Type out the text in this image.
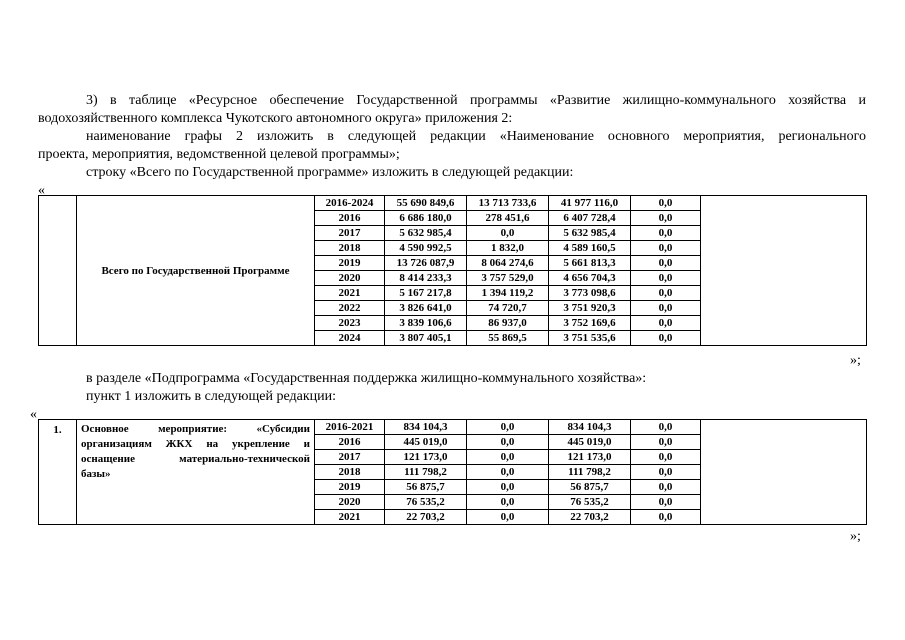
3) в таблице «Ресурсное обеспечение Государственной программы «Развитие жилищно-коммунального хозяйства и
водохозяйственного комплекса Чукотского автономного округа» приложения 2:
наименование графы 2 изложить в следующей редакции «Наименование основного мероприятия, регионального
проекта, мероприятия, ведомственной целевой программы»;
строку «Всего по Государственной программе» изложить в следующей редакции:
«
	Всего по Государственной Программе	2016-2024	55 690 849,6	13 713 733,6	41 977 116,0	0,0	
		2016	6 686 180,0	278 451,6	6 407 728,4	0,0	
		2017	5 632 985,4	0,0	5 632 985,4	0,0	
		2018	4 590 992,5	1 832,0	4 589 160,5	0,0	
		2019	13 726 087,9	8 064 274,6	5 661 813,3	0,0	
		2020	8 414 233,3	3 757 529,0	4 656 704,3	0,0	
		2021	5 167 217,8	1 394 119,2	3 773 098,6	0,0	
		2022	3 826 641,0	74 720,7	3 751 920,3	0,0	
		2023	3 839 106,6	86 937,0	3 752 169,6	0,0	
		2024	3 807 405,1	55 869,5	3 751 535,6	0,0	
»;
в разделе «Подпрограмма «Государственная поддержка жилищно-коммунального хозяйства»:
пункт 1 изложить в следующей редакции:
«
1.	Основное мероприятие: «Субсидии
организациям ЖКХ на укрепление и
оснащение материально-технической
базы»	2016-2021	834 104,3	0,0	834 104,3	0,0	
		2016	445 019,0	0,0	445 019,0	0,0	
		2017	121 173,0	0,0	121 173,0	0,0	
		2018	111 798,2	0,0	111 798,2	0,0	
		2019	56 875,7	0,0	56 875,7	0,0	
		2020	76 535,2	0,0	76 535,2	0,0	
		2021	22 703,2	0,0	22 703,2	0,0	
»;
